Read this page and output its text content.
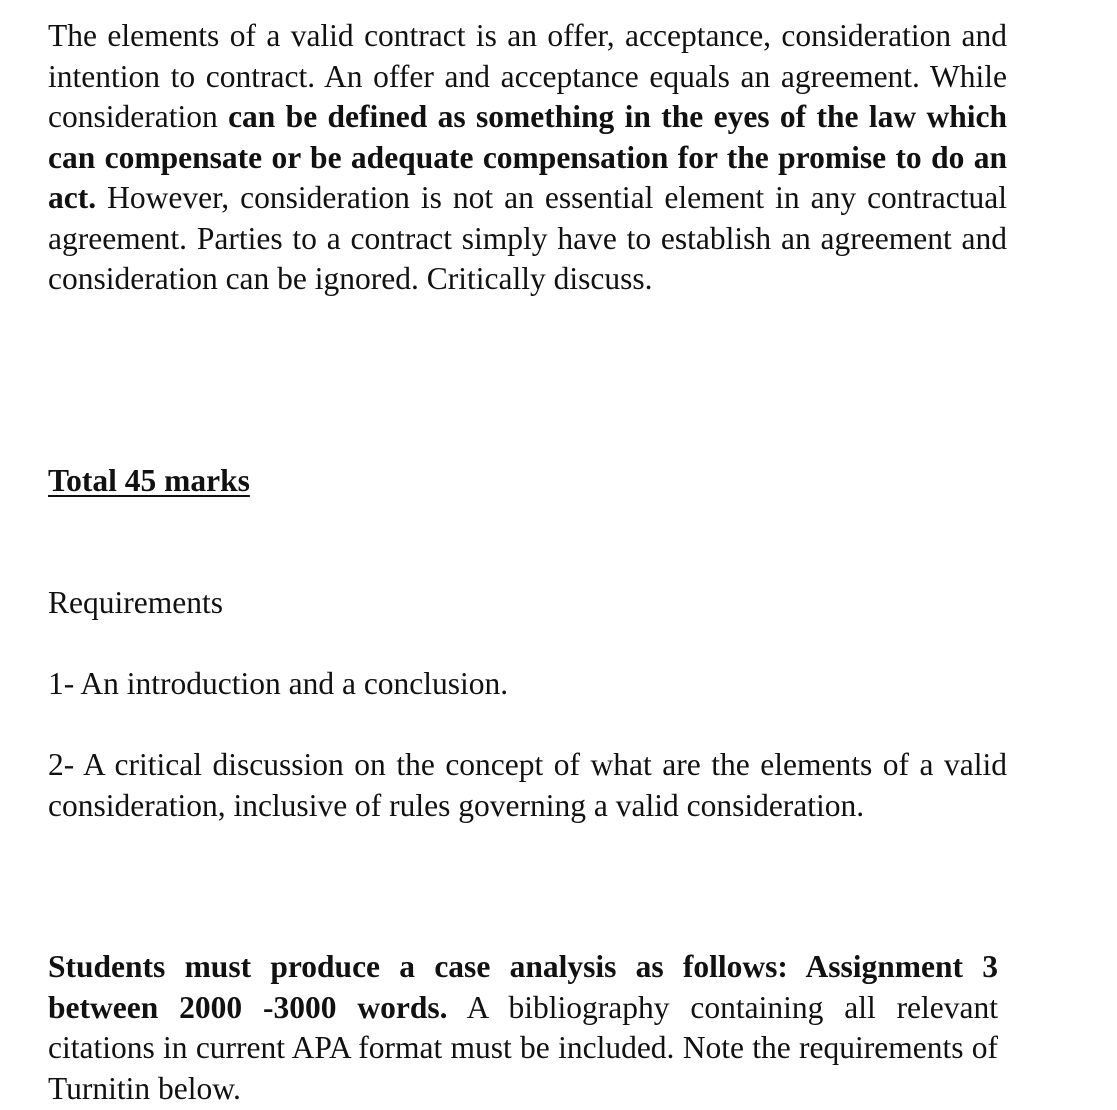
The elements of a valid contract is an offer, acceptance, consideration and intention to contract. An offer and acceptance equals an agreement. While consideration can be defined as something in the eyes of the law which can compensate or be adequate compensation for the promise to do an act. However, consideration is not an essential element in any contractual agreement. Parties to a contract simply have to establish an agreement and consideration can be ignored. Critically discuss.

Total 45 marks
Requirements
1- An introduction and a conclusion.

2- A critical discussion on the concept of what are the elements of a valid consideration, inclusive of rules governing a valid consideration.

Students must produce a case analysis as follows: Assignment 3 between 2000 -3000 words. A bibliography containing all relevant citations in current APA format must be included. Note the requirements of Turnitin below.
